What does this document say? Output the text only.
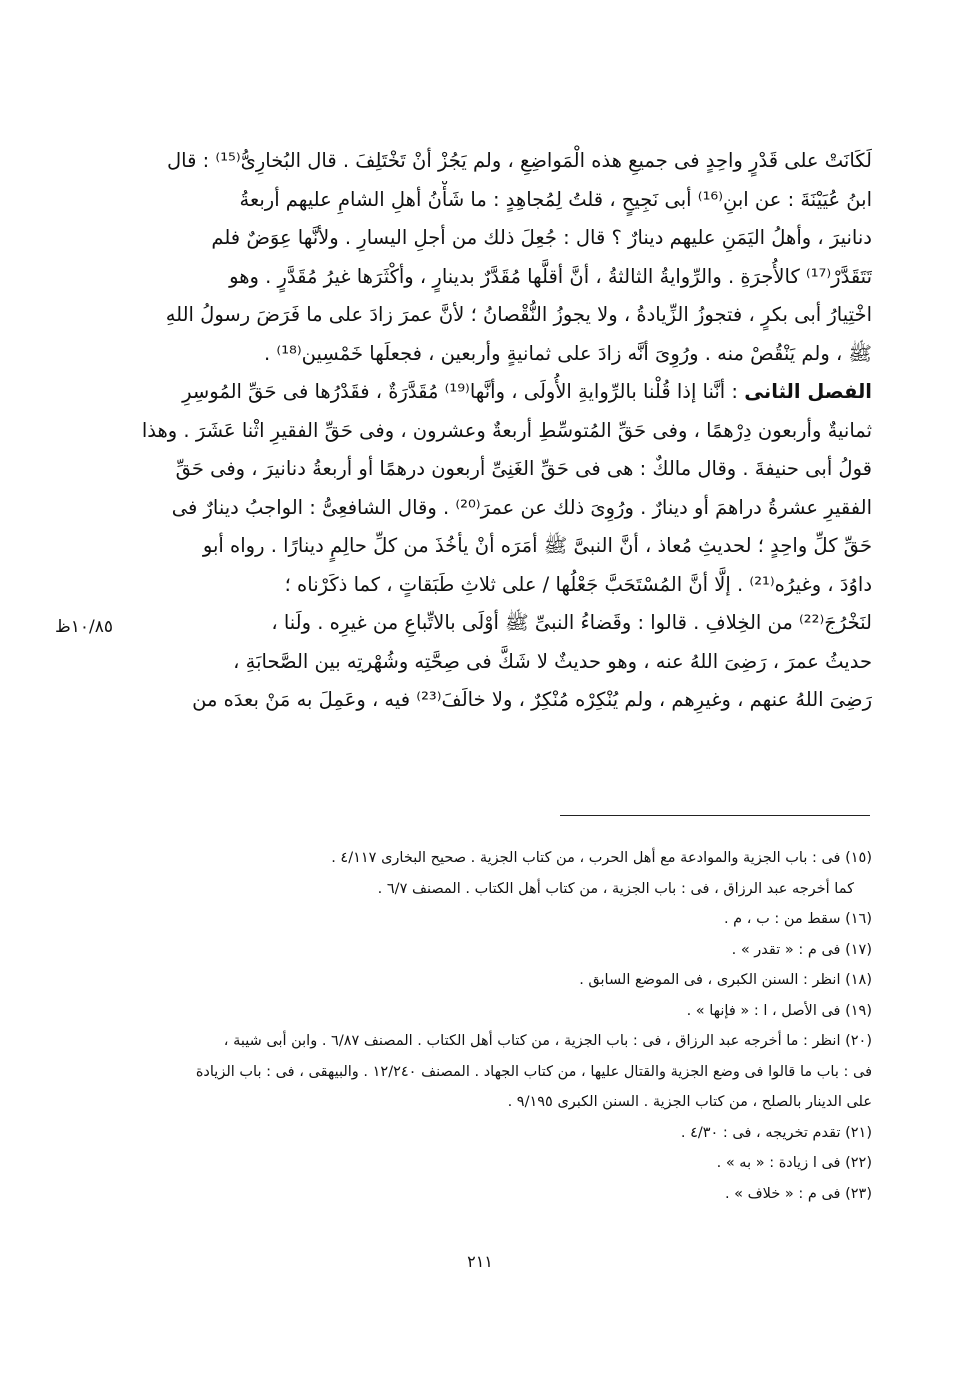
لَكَانَتْ على قَدْرٍ واحِدٍ فى جميعِ هذه الْمَواضِعِ ، ولم يَجُزْ أنْ تَخْتَلِفَ . قال البُخارِىُّ⁽¹⁵⁾ : قال
ابنُ عُيَيْنَةَ : عن ابنِ⁽¹⁶⁾ أبى نَجِيحٍ ، قلتُ لِمُجاهِدٍ : ما شَأْنُ أهلِ الشامِ عليهم أربعةُ
دنانيرَ ، وأهلُ اليَمَنِ عليهم دينارٌ ؟ قال : جُعِلَ ذلك من أجلِ اليسارِ . ولأنَّها عِوَضٌ فلم
تَتَقَدَّرْ⁽¹⁷⁾ كالأُجرَةِ . والرِّوايةُ الثالثةُ ، أنَّ أقلَّها مُقَدَّرٌ بدينارٍ ، وأكْثَرَها غيرُ مُقَدَّرٍ . وهو
اخْتِيارُ أبى بكرٍ ، فتجوزُ الزِّيادةُ ، ولا يجوزُ النُّقْصانُ ؛ لأنَّ عمرَ زادَ على ما فَرَضَ رسولُ اللهِ
ﷺ ، ولم يَنْقُصْ منه . ورُوِىَ أنَّه زادَ على ثمانيةٍ وأربعين ، فجعلَها خَمْسِين⁽¹⁸⁾ .
الفصل الثانى : أنَّنا إذا قُلْنا بالرِّوايةِ الأُولَى ، وأنَّها⁽¹⁹⁾ مُقَدَّرَةٌ ، فقَدْرُها فى حَقِّ المُوسِرِ
ثمانيةٌ وأربعون دِرْهمًا ، وفى حَقِّ المُتوسِّطِ أربعةٌ وعشرون ، وفى حَقِّ الفقيرِ اثْنا عَشَرَ . وهذا
قولُ أبى حنيفةَ . وقال مالكٌ : هى فى حَقِّ الغَنِىِّ أربعون درهمًا أو أربعةُ دنانيرَ ، وفى حَقِّ
الفقيرِ عشرةُ دراهمَ أو دينارٌ . ورُوِىَ ذلك عن عمرَ⁽²⁰⁾ . وقال الشافعِىُّ : الواجبُ دينارٌ فى
حَقِّ كلِّ واحِدٍ ؛ لحديثِ مُعاذ ، أنَّ النبىَّ ﷺ أمَرَه أنْ يأخُذَ من كلِّ حالِمٍ دينارًا . رواه أبو
داوُدَ ، وغيرُه⁽²¹⁾ . إلَّا أنَّ المُسْتَحَبَّ جَعْلُها / على ثلاثِ طَبَقاتٍ ، كما ذكَرْناه ؛
لنَخْرُجَ⁽²²⁾ من الخِلافِ . قالوا : وقَضاءُ النبىِّ ﷺ أوْلَى بالاتِّباعِ من غيرِه . ولَنا ،
حديثُ عمرَ ، رَضِىَ اللهُ عنه ، وهو حديثٌ لا شَكَّ فى صِحَّتِه وشُهْرتِه بين الصَّحابَةِ ،
رَضِىَ اللهُ عنهم ، وغيرِهم ، ولم يُنْكِرْه مُنْكِرٌ ، ولا خالَفَ⁽²³⁾ فيه ، وعَمِلَ به مَنْ بعدَه من
١٠/٨٥ظ
(١٥) فى : باب الجزية والموادعة مع أهل الحرب ، من كتاب الجزية . صحيح البخارى ٤/١١٧ .
كما أخرجه عبد الرزاق ، فى : باب الجزية ، من كتاب أهل الكتاب . المصنف ٦/٧ .
(١٦) سقط من : ب ، م .
(١٧) فى م : « تقدر » .
(١٨) انظر : السنن الكبرى ، فى الموضع السابق .
(١٩) فى الأصل ، ا : « فإنها » .
(٢٠) انظر : ما أخرجه عبد الرزاق ، فى : باب الجزية ، من كتاب أهل الكتاب . المصنف ٦/٨٧ . وابن أبى شيبة ،
فى : باب ما قالوا فى وضع الجزية والقتال عليها ، من كتاب الجهاد . المصنف ١٢/٢٤٠ . والبيهقى ، فى : باب الزيادة
على الدينار بالصلح ، من كتاب الجزية . السنن الكبرى ٩/١٩٥ .
(٢١) تقدم تخريجه ، فى : ٤/٣٠ .
(٢٢) فى ا زيادة : « به » .
(٢٣) فى م : « خلاف » .
٢١١
